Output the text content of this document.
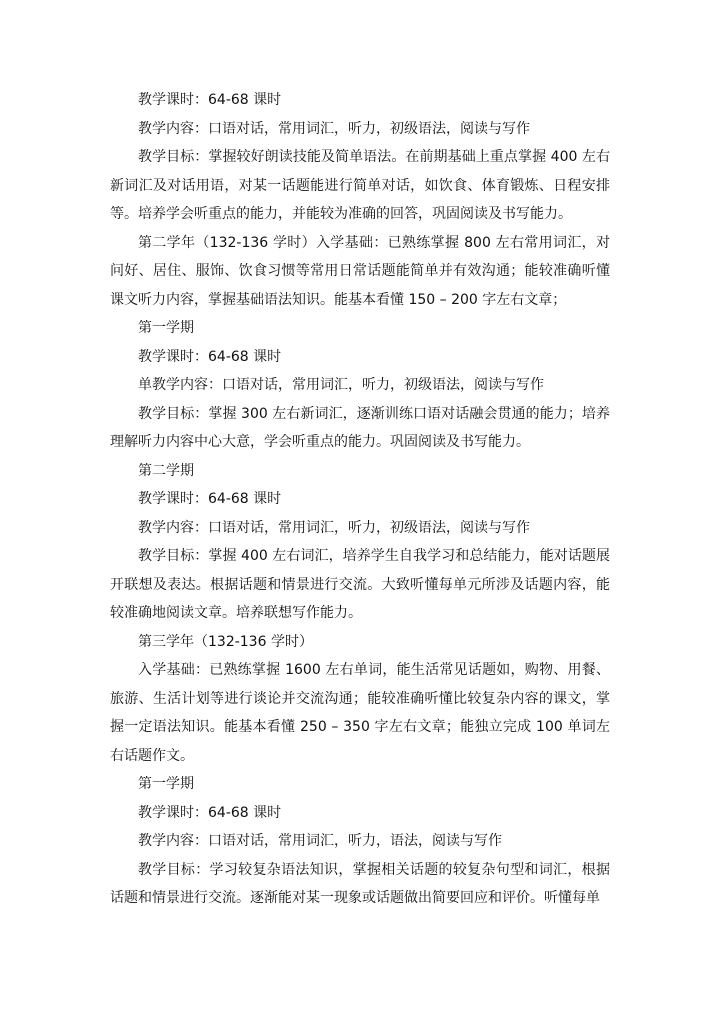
教学课时：64-68 课时

教学内容：口语对话，常用词汇，听力，初级语法，阅读与写作

教学目标：掌握较好朗读技能及简单语法。在前期基础上重点掌握 400 左右新词汇及对话用语，对某一话题能进行简单对话，如饮食、体育锻炼、日程安排等。培养学会听重点的能力，并能较为准确的回答，巩固阅读及书写能力。

第二学年（132-136 学时）入学基础：已熟练掌握 800 左右常用词汇，对问好、居住、服饰、饮食习惯等常用日常话题能简单并有效沟通；能较准确听懂课文听力内容，掌握基础语法知识。能基本看懂 150 – 200 字左右文章；

第一学期

教学课时：64-68 课时

单教学内容：口语对话，常用词汇，听力，初级语法，阅读与写作

教学目标：掌握 300 左右新词汇，逐渐训练口语对话融会贯通的能力；培养理解听力内容中心大意，学会听重点的能力。巩固阅读及书写能力。

第二学期

教学课时：64-68 课时

教学内容：口语对话，常用词汇，听力，初级语法，阅读与写作

教学目标：掌握 400 左右词汇，培养学生自我学习和总结能力，能对话题展开联想及表达。根据话题和情景进行交流。大致听懂每单元所涉及话题内容，能较准确地阅读文章。培养联想写作能力。

第三学年（132-136 学时）

入学基础：已熟练掌握 1600 左右单词，能生活常见话题如，购物、用餐、旅游、生活计划等进行谈论并交流沟通；能较准确听懂比较复杂内容的课文，掌握一定语法知识。能基本看懂 250 – 350 字左右文章；能独立完成 100 单词左右话题作文。

第一学期

教学课时：64-68 课时

教学内容：口语对话，常用词汇，听力，语法，阅读与写作

教学目标：学习较复杂语法知识，掌握相关话题的较复杂句型和词汇，根据话题和情景进行交流。逐渐能对某一现象或话题做出简要回应和评价。听懂每单
